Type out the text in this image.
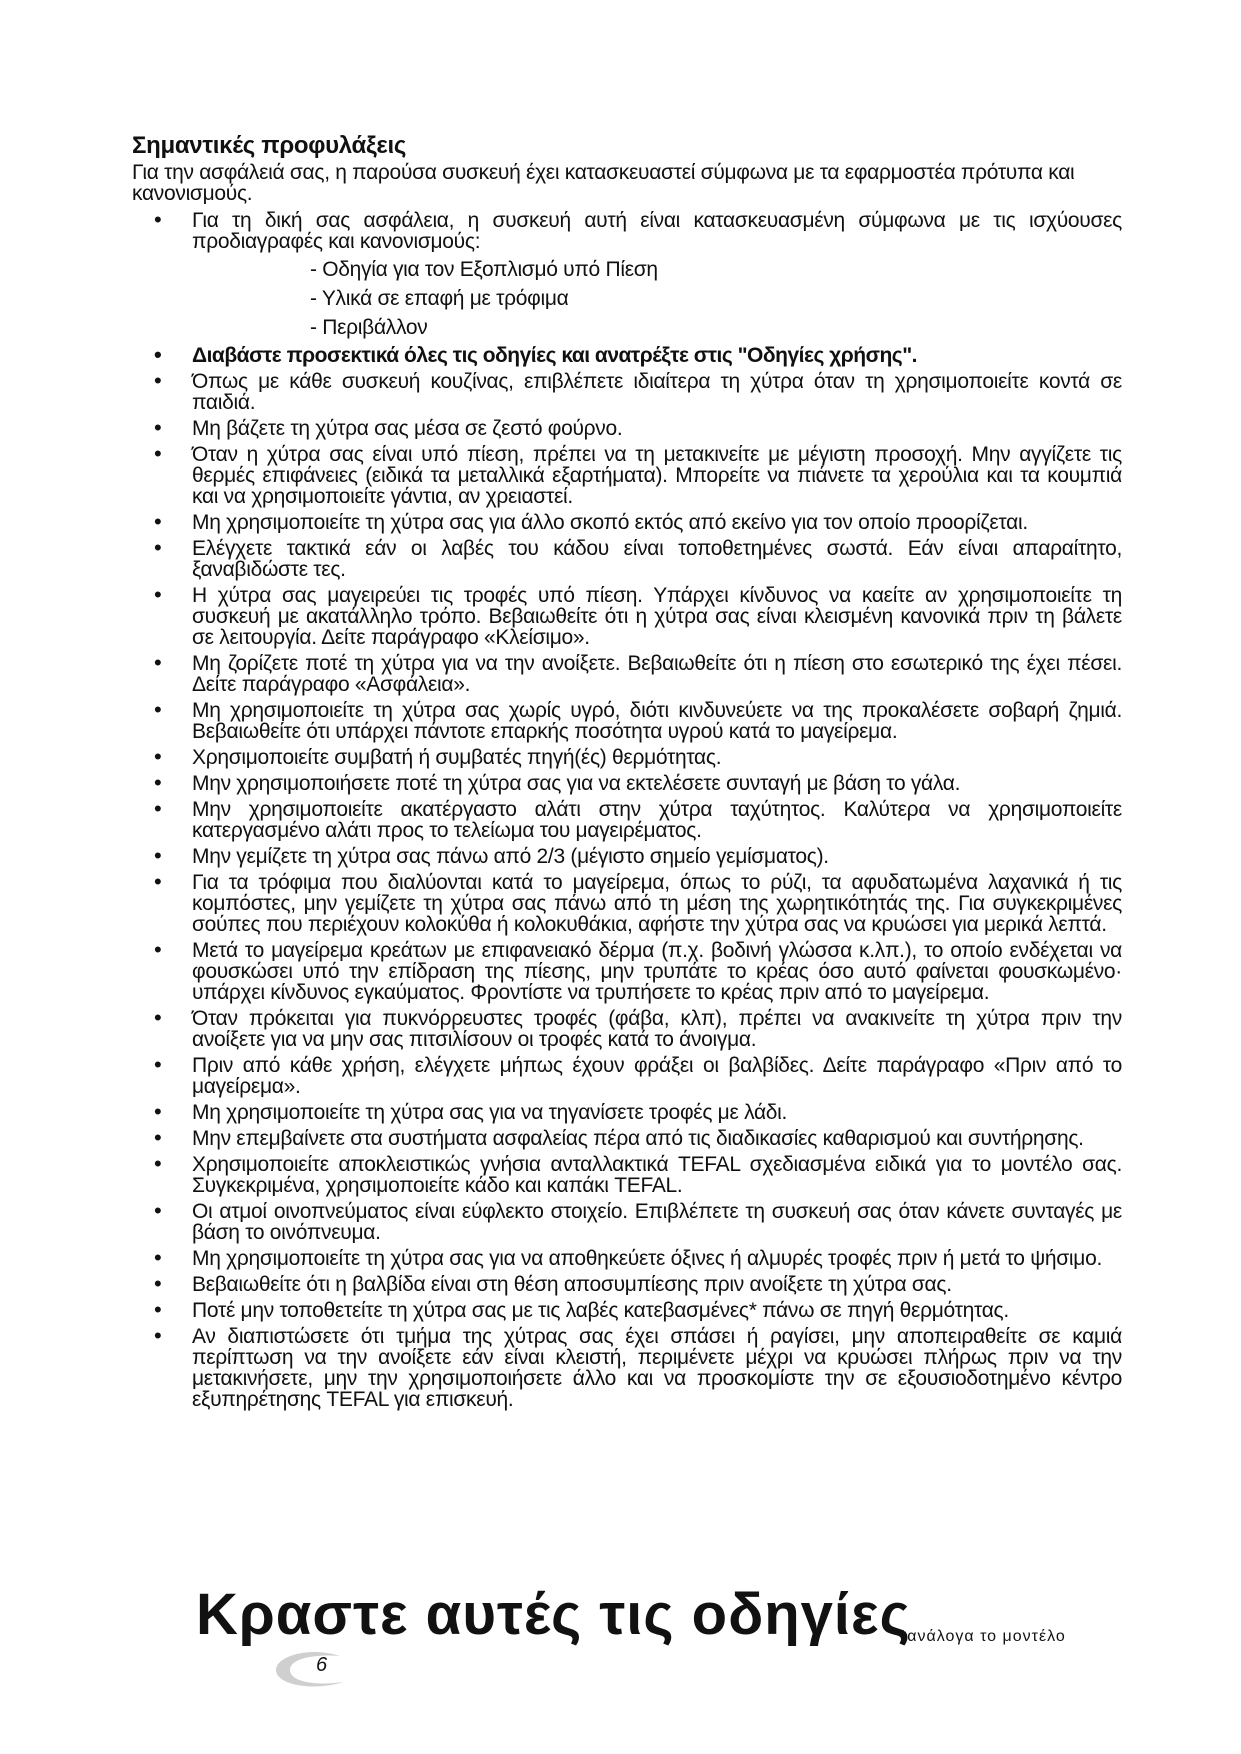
Σημαντικές προφυλάξεις

Για την ασφάλειά σας, η παρούσα συσκευή έχει κατασκευαστεί σύμφωνα με τα εφαρμοστέα πρότυπα και κανονισμούς.

• Για τη δική σας ασφάλεια, η συσκευή αυτή είναι κατασκευασμένη σύμφωνα με τις ισχύουσες προδιαγραφές και κανονισμούς:
- Οδηγία για τον Εξοπλισμό υπό Πίεση
- Υλικά σε επαφή με τρόφιμα
- Περιβάλλον
• Διαβάστε προσεκτικά όλες τις οδηγίες και ανατρέξτε στις "Οδηγίες χρήσης".
• Όπως με κάθε συσκευή κουζίνας, επιβλέπετε ιδιαίτερα τη χύτρα όταν τη χρησιμοποιείτε κοντά σε παιδιά.
• Μη βάζετε τη χύτρα σας μέσα σε ζεστό φούρνο.
• Όταν η χύτρα σας είναι υπό πίεση, πρέπει να τη μετακινείτε με μέγιστη προσοχή. Μην αγγίζετε τις θερμές επιφάνειες (ειδικά τα μεταλλικά εξαρτήματα). Μπορείτε να πιάνετε τα χερούλια και τα κουμπιά και να χρησιμοποιείτε γάντια, αν χρειαστεί.
• Μη χρησιμοποιείτε τη χύτρα σας για άλλο σκοπό εκτός από εκείνο για τον οποίο προορίζεται.
• Ελέγχετε τακτικά εάν οι λαβές του κάδου είναι τοποθετημένες σωστά. Εάν είναι απαραίτητο, ξαναβιδώστε τες.
• Η χύτρα σας μαγειρεύει τις τροφές υπό πίεση. Υπάρχει κίνδυνος να καείτε αν χρησιμοποιείτε τη συσκευή με ακατάλληλο τρόπο. Βεβαιωθείτε ότι η χύτρα σας είναι κλεισμένη κανονικά πριν τη βάλετε σε λειτουργία. Δείτε παράγραφο «Κλείσιμο».
• Μη ζορίζετε ποτέ τη χύτρα για να την ανοίξετε. Βεβαιωθείτε ότι η πίεση στο εσωτερικό της έχει πέσει. Δείτε παράγραφο «Ασφάλεια».
• Μη χρησιμοποιείτε τη χύτρα σας χωρίς υγρό, διότι κινδυνεύετε να της προκαλέσετε σοβαρή ζημιά. Βεβαιωθείτε ότι υπάρχει πάντοτε επαρκής ποσότητα υγρού κατά το μαγείρεμα.
• Χρησιμοποιείτε συμβατή ή συμβατές πηγή(ές) θερμότητας.
• Μην χρησιμοποιήσετε ποτέ τη χύτρα σας για να εκτελέσετε συνταγή με βάση το γάλα.
• Μην χρησιμοποιείτε ακατέργαστο αλάτι στην χύτρα ταχύτητος. Καλύτερα να χρησιμοποιείτε κατεργασμένο αλάτι προς το τελείωμα του μαγειρέματος.
• Μην γεμίζετε τη χύτρα σας πάνω από 2/3 (μέγιστο σημείο γεμίσματος).
• Για τα τρόφιμα που διαλύονται κατά το μαγείρεμα, όπως το ρύζι, τα αφυδατωμένα λαχανικά ή τις κομπόστες, μην γεμίζετε τη χύτρα σας πάνω από τη μέση της χωρητικότητάς της. Για συγκεκριμένες σούπες που περιέχουν κολοκύθα ή κολοκυθάκια, αφήστε την χύτρα σας να κρυώσει για μερικά λεπτά.
• Μετά το μαγείρεμα κρεάτων με επιφανειακό δέρμα (π.χ. βοδινή γλώσσα κ.λπ.), το οποίο ενδέχεται να φουσκώσει υπό την επίδραση της πίεσης, μην τρυπάτε το κρέας όσο αυτό φαίνεται φουσκωμένο· υπάρχει κίνδυνος εγκαύματος. Φροντίστε να τρυπήσετε το κρέας πριν από το μαγείρεμα.
• Όταν πρόκειται για πυκνόρρευστες τροφές (φάβα, κλπ), πρέπει να ανακινείτε τη χύτρα πριν την ανοίξετε για να μην σας πιτσιλίσουν οι τροφές κατά το άνοιγμα.
• Πριν από κάθε χρήση, ελέγχετε μήπως έχουν φράξει οι βαλβίδες. Δείτε παράγραφο «Πριν από το μαγείρεμα».
• Μη χρησιμοποιείτε τη χύτρα σας για να τηγανίσετε τροφές με λάδι.
• Μην επεμβαίνετε στα συστήματα ασφαλείας πέρα από τις διαδικασίες καθαρισμού και συντήρησης.
• Χρησιμοποιείτε αποκλειστικώς γνήσια ανταλλακτικά TEFAL σχεδιασμένα ειδικά για το μοντέλο σας. Συγκεκριμένα, χρησιμοποιείτε κάδο και καπάκι TEFAL.
• Οι ατμοί οινοπνεύματος είναι εύφλεκτο στοιχείο. Επιβλέπετε τη συσκευή σας όταν κάνετε συνταγές με βάση το οινόπνευμα.
• Μη χρησιμοποιείτε τη χύτρα σας για να αποθηκεύετε όξινες ή αλμυρές τροφές πριν ή μετά το ψήσιμο.
• Βεβαιωθείτε ότι η βαλβίδα είναι στη θέση αποσυμπίεσης πριν ανοίξετε τη χύτρα σας.
• Ποτέ μην τοποθετείτε τη χύτρα σας με τις λαβές κατεβασμένες* πάνω σε πηγή θερμότητας.
• Αν διαπιστώσετε ότι τμήμα της χύτρας σας έχει σπάσει ή ραγίσει, μην αποπειραθείτε σε καμιά περίπτωση να την ανοίξετε εάν είναι κλειστή, περιμένετε μέχρι να κρυώσει πλήρως πριν να την μετακινήσετε, μην την χρησιμοποιήσετε άλλο και να προσκομίστε την σε εξουσιοδοτημένο κέντρο εξυπηρέτησης TEFAL για επισκευή.
Κραστε αυτές τις οδηγίες
*ανάλογα το μοντέλο
6
